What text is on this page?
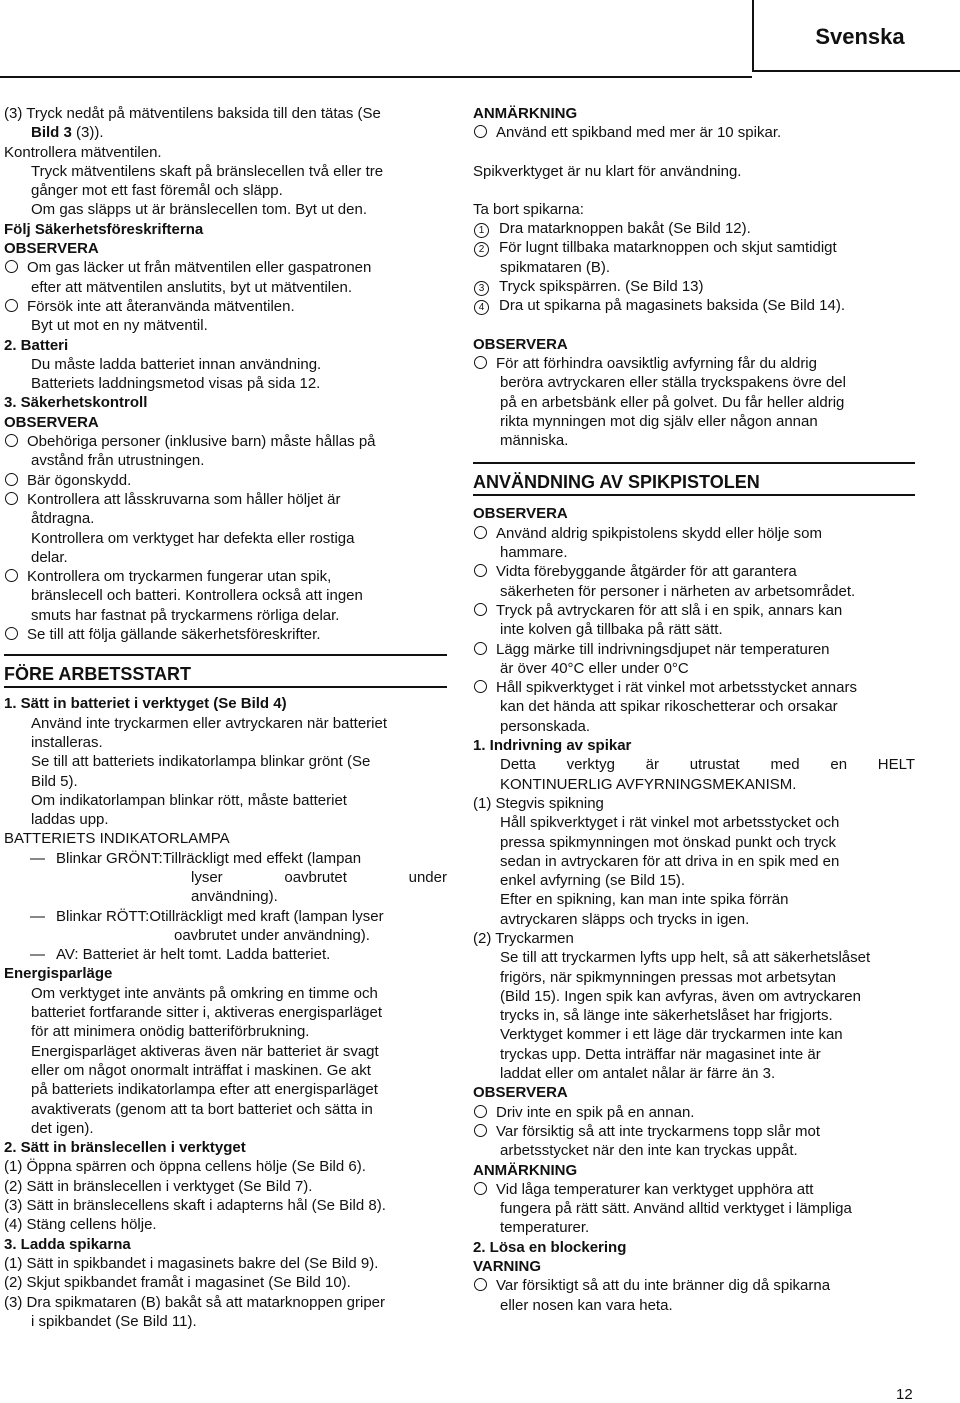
Svenska
(3) Tryck nedåt på mätventilens baksida till den tätas (Se
Bild 3 (3)).
Kontrollera mätventilen.
Tryck mätventilens skaft på bränslecellen två eller tre
gånger mot ett fast föremål och släpp.
Om gas släpps ut är bränslecellen tom. Byt ut den.
Följ Säkerhetsföreskrifterna
OBSERVERA
Om gas läcker ut från mätventilen eller gaspatronen
efter att mätventilen anslutits, byt ut mätventilen.
Försök inte att återanvända mätventilen.
Byt ut mot en ny mätventil.
2. Batteri
Du måste ladda batteriet innan användning.
Batteriets laddningsmetod visas på sida 12.
3. Säkerhetskontroll
OBSERVERA
Obehöriga personer (inklusive barn) måste hållas på
avstånd från utrustningen.
Bär ögonskydd.
Kontrollera att låsskruvarna som håller höljet är
åtdragna.
Kontrollera om verktyget har defekta eller rostiga
delar.
Kontrollera om tryckarmen fungerar utan spik,
bränslecell och batteri. Kontrollera också att ingen
smuts har fastnat på tryckarmens rörliga delar.
Se till att följa gällande säkerhetsföreskrifter.
FÖRE ARBETSSTART
1. Sätt in batteriet i verktyget (Se Bild 4)
Använd inte tryckarmen eller avtryckaren när batteriet
installeras.
Se till att batteriets indikatorlampa blinkar grönt (Se
Bild 5).
Om indikatorlampan blinkar rött, måste batteriet
laddas upp.
BATTERIETS INDIKATORLAMPA
— Blinkar GRÖNT: Tillräckligt med effekt (lampan
lyser oavbrutet under
användning).
— Blinkar RÖTT: Otillräckligt med kraft (lampan lyser
oavbrutet under användning).
— AV: Batteriet är helt tomt. Ladda batteriet.
Energisparläge
Om verktyget inte använts på omkring en timme och
batteriet fortfarande sitter i, aktiveras energisparläget
för att minimera onödig batteriförbrukning.
Energisparläget aktiveras även när batteriet är svagt
eller om något onormalt inträffat i maskinen. Ge akt
på batteriets indikatorlampa efter att energisparläget
avaktiverats (genom att ta bort batteriet och sätta in
det igen).
2. Sätt in bränslecellen i verktyget
(1) Öppna spärren och öppna cellens hölje (Se Bild 6).
(2) Sätt in bränslecellen i verktyget (Se Bild 7).
(3) Sätt in bränslecellens skaft i adapterns hål (Se Bild 8).
(4) Stäng cellens hölje.
3. Ladda spikarna
(1) Sätt in spikbandet i magasinets bakre del (Se Bild 9).
(2) Skjut spikbandet framåt i magasinet (Se Bild 10).
(3) Dra spikmataren (B) bakåt så att matarknoppen griper
i spikbandet (Se Bild 11).
ANMÄRKNING
Använd ett spikband med mer är 10 spikar.
Spikverktyget är nu klart för användning.
Ta bort spikarna:
1 Dra matarknoppen bakåt (Se Bild 12).
2 För lugnt tillbaka matarknoppen och skjut samtidigt
spikmataren (B).
3 Tryck spikspärren. (Se Bild 13)
4 Dra ut spikarna på magasinets baksida (Se Bild 14).
OBSERVERA
För att förhindra oavsiktlig avfyrning får du aldrig
beröra avtryckaren eller ställa tryckspakens övre del
på en arbetsbänk eller på golvet. Du får heller aldrig
rikta mynningen mot dig själv eller någon annan
människa.
ANVÄNDNING AV SPIKPISTOLEN
OBSERVERA
Använd aldrig spikpistolens skydd eller hölje som
hammare.
Vidta förebyggande åtgärder för att garantera
säkerheten för personer i närheten av arbetsområdet.
Tryck på avtryckaren för att slå i en spik, annars kan
inte kolven gå tillbaka på rätt sätt.
Lägg märke till indrivningsdjupet när temperaturen
är över 40°C eller under 0°C
Håll spikverktyget i rät vinkel mot arbetsstycket annars
kan det hända att spikar rikoschetterar och orsakar
personskada.
1. Indrivning av spikar
Detta verktyg är utrustat med en HELT
KONTINUERLIG AVFYRNINGSMEKANISM.
(1) Stegvis spikning
Håll spikverktyget i rät vinkel mot arbetsstycket och
pressa spikmynningen mot önskad punkt och tryck
sedan in avtryckaren för att driva in en spik med en
enkel avfyrning (se Bild 15).
Efter en spikning, kan man inte spika förrän
avtryckaren släpps och trycks in igen.
(2) Tryckarmen
Se till att tryckarmen lyfts upp helt, så att säkerhetslåset
frigörs, när spikmynningen pressas mot arbetsytan
(Bild 15). Ingen spik kan avfyras, även om avtryckaren
trycks in, så länge inte säkerhetslåset har frigjorts.
Verktyget kommer i ett läge där tryckarmen inte kan
tryckas upp. Detta inträffar när magasinet inte är
laddat eller om antalet nålar är färre än 3.
OBSERVERA
Driv inte en spik på en annan.
Var försiktig så att inte tryckarmens topp slår mot
arbetsstycket när den inte kan tryckas uppåt.
ANMÄRKNING
Vid låga temperaturer kan verktyget upphöra att
fungera på rätt sätt. Använd alltid verktyget i lämpliga
temperaturer.
2. Lösa en blockering
VARNING
Var försiktigt så att du inte bränner dig då spikarna
eller nosen kan vara heta.
12
